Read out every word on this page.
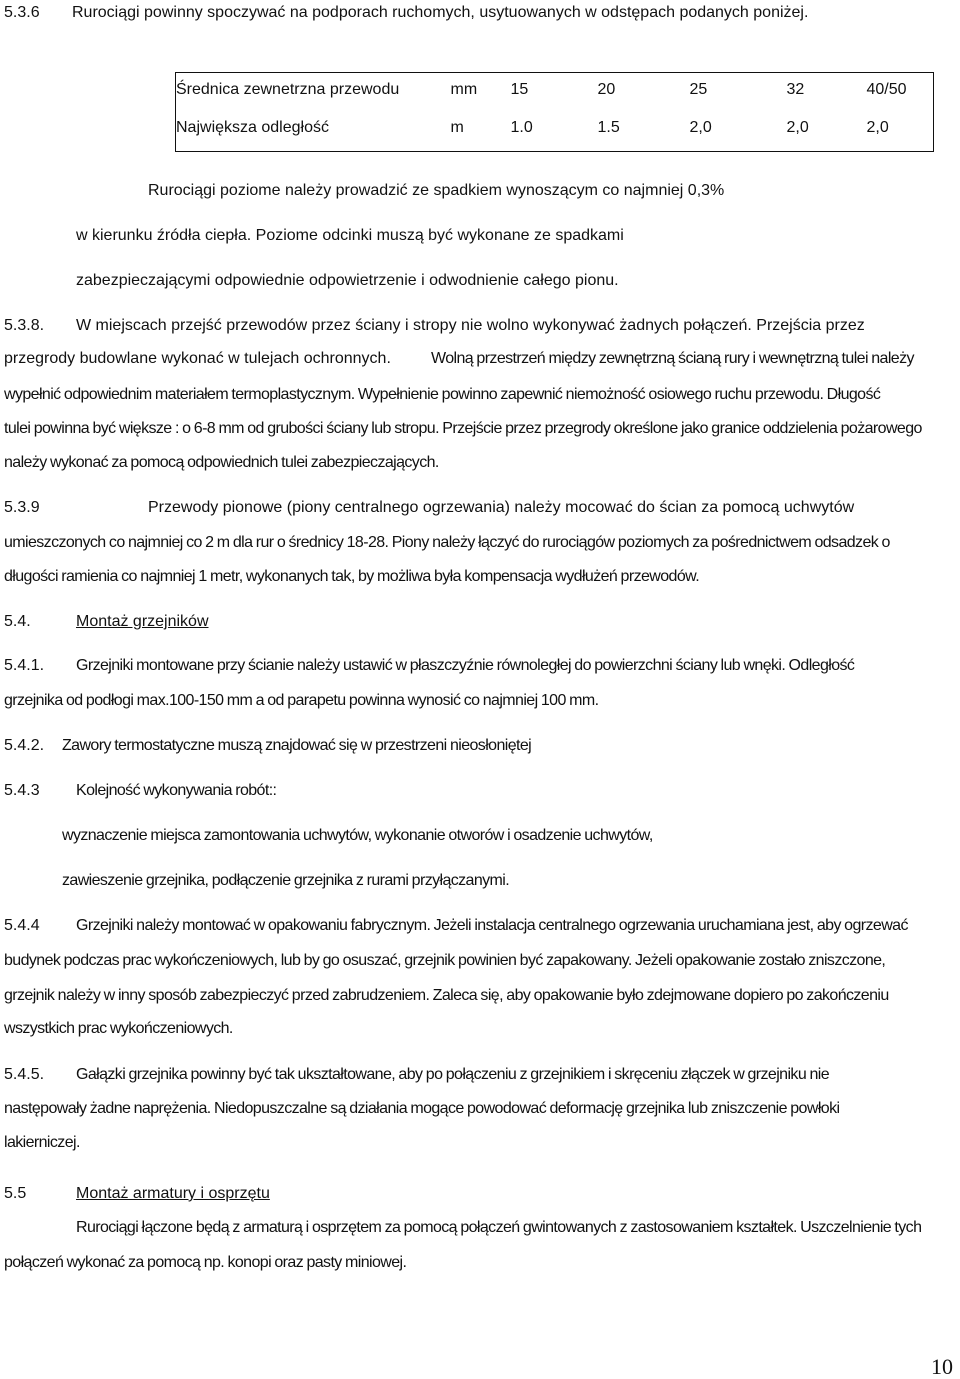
5.3.6 Rurociągi powinny spoczywać na podporach ruchomych, usytuowanych w odstępach podanych poniżej.
Średnica zewnetrzna przewodu	mm	15	20	25	32	40/50
Największa odległość	m	1.0	1.5	2,0	2,0	2,0
Rurociągi poziome należy prowadzić ze spadkiem wynoszącym co najmniej 0,3%
w kierunku źródła ciepła. Poziome odcinki muszą być wykonane ze spadkami
zabezpieczającymi odpowiednie odpowietrzenie i odwodnienie całego pionu.
5.3.8. W miejscach przejść przewodów przez ściany i stropy nie wolno wykonywać żadnych połączeń. Przejścia przez
przegrody budowlane wykonać w tulejach ochronnych.	Wolną przestrzeń między zewnętrzną ścianą rury i wewnętrzną tulei należy
wypełnić odpowiednim materiałem termoplastycznym. Wypełnienie powinno zapewnić niemożność osiowego ruchu przewodu. Długość
tulei powinna być większe : o 6-8 mm od grubości ściany lub stropu. Przejście przez przegrody określone jako granice oddzielenia pożarowego
należy wykonać za pomocą odpowiednich tulei zabezpieczających.
5.3.9	Przewody pionowe (piony centralnego ogrzewania) należy mocować do ścian za pomocą uchwytów
umieszczonych co najmniej co 2 m dla rur o średnicy 18-28. Piony należy łączyć do rurociągów poziomych za pośrednictwem odsadzek o
długości ramienia co najmniej 1 metr, wykonanych tak, by możliwa była kompensacja wydłużeń przewodów.
5.4.	Montaż grzejników
5.4.1. Grzejniki montowane przy ścianie należy ustawić w płaszczyźnie równoległej do powierzchni ściany lub wnęki. Odległość
grzejnika od podłogi max.100-150 mm a od parapetu powinna wynosić co najmniej 100 mm.
5.4.2. Zawory termostatyczne muszą znajdować się w przestrzeni nieosłoniętej
5.4.3 Kolejność wykonywania robót::
wyznaczenie miejsca zamontowania uchwytów, wykonanie otworów i osadzenie uchwytów,
zawieszenie grzejnika, podłączenie grzejnika z rurami przyłączanymi.
5.4.4 Grzejniki należy montować w opakowaniu fabrycznym. Jeżeli instalacja centralnego ogrzewania uruchamiana jest, aby ogrzewać
budynek podczas prac wykończeniowych, lub by go osuszać, grzejnik powinien być zapakowany. Jeżeli opakowanie zostało zniszczone,
grzejnik należy w inny sposób zabezpieczyć przed zabrudzeniem. Zaleca się, aby opakowanie było zdejmowane dopiero po zakończeniu
wszystkich prac wykończeniowych.
5.4.5. Gałązki grzejnika powinny być tak ukształtowane, aby po połączeniu z grzejnikiem i skręceniu złączek w grzejniku nie
następowały żadne naprężenia. Niedopuszczalne są działania mogące powodować deformację grzejnika lub zniszczenie powłoki
lakierniczej.
5.5	Montaż armatury i osprzętu
Rurociągi łączone będą z armaturą i osprzętem za pomocą połączeń gwintowanych z zastosowaniem kształtek. Uszczelnienie tych
połączeń wykonać za pomocą np. konopi oraz pasty miniowej.
10
